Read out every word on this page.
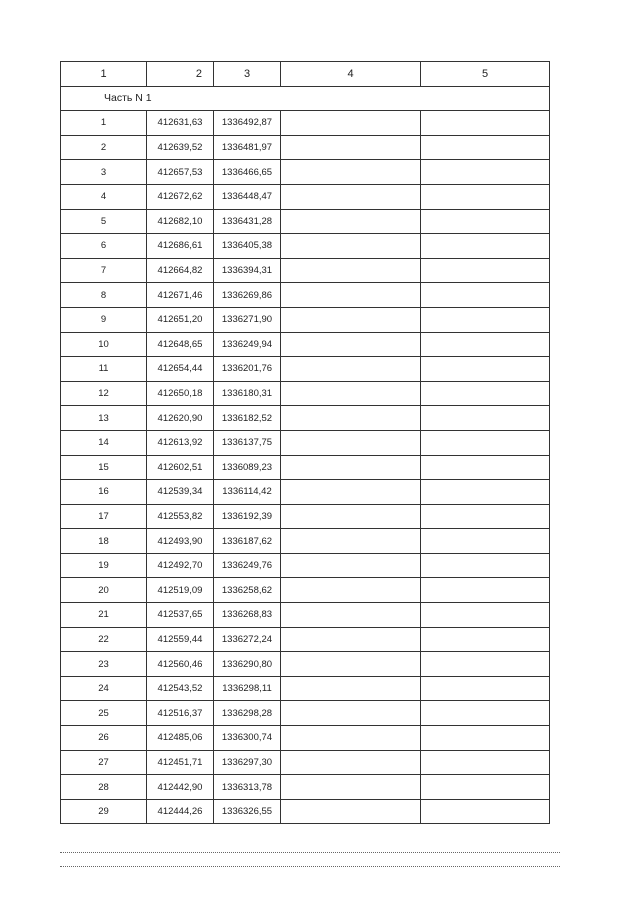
1	2	3	4	5
Часть N 1				
1	412631,63	1336492,87		
2	412639,52	1336481,97		
3	412657,53	1336466,65		
4	412672,62	1336448,47		
5	412682,10	1336431,28		
6	412686,61	1336405,38		
7	412664,82	1336394,31		
8	412671,46	1336269,86		
9	412651,20	1336271,90		
10	412648,65	1336249,94		
11	412654,44	1336201,76		
12	412650,18	1336180,31		
13	412620,90	1336182,52		
14	412613,92	1336137,75		
15	412602,51	1336089,23		
16	412539,34	1336114,42		
17	412553,82	1336192,39		
18	412493,90	1336187,62		
19	412492,70	1336249,76		
20	412519,09	1336258,62		
21	412537,65	1336268,83		
22	412559,44	1336272,24		
23	412560,46	1336290,80		
24	412543,52	1336298,11		
25	412516,37	1336298,28		
26	412485,06	1336300,74		
27	412451,71	1336297,30		
28	412442,90	1336313,78		
29	412444,26	1336326,55		
